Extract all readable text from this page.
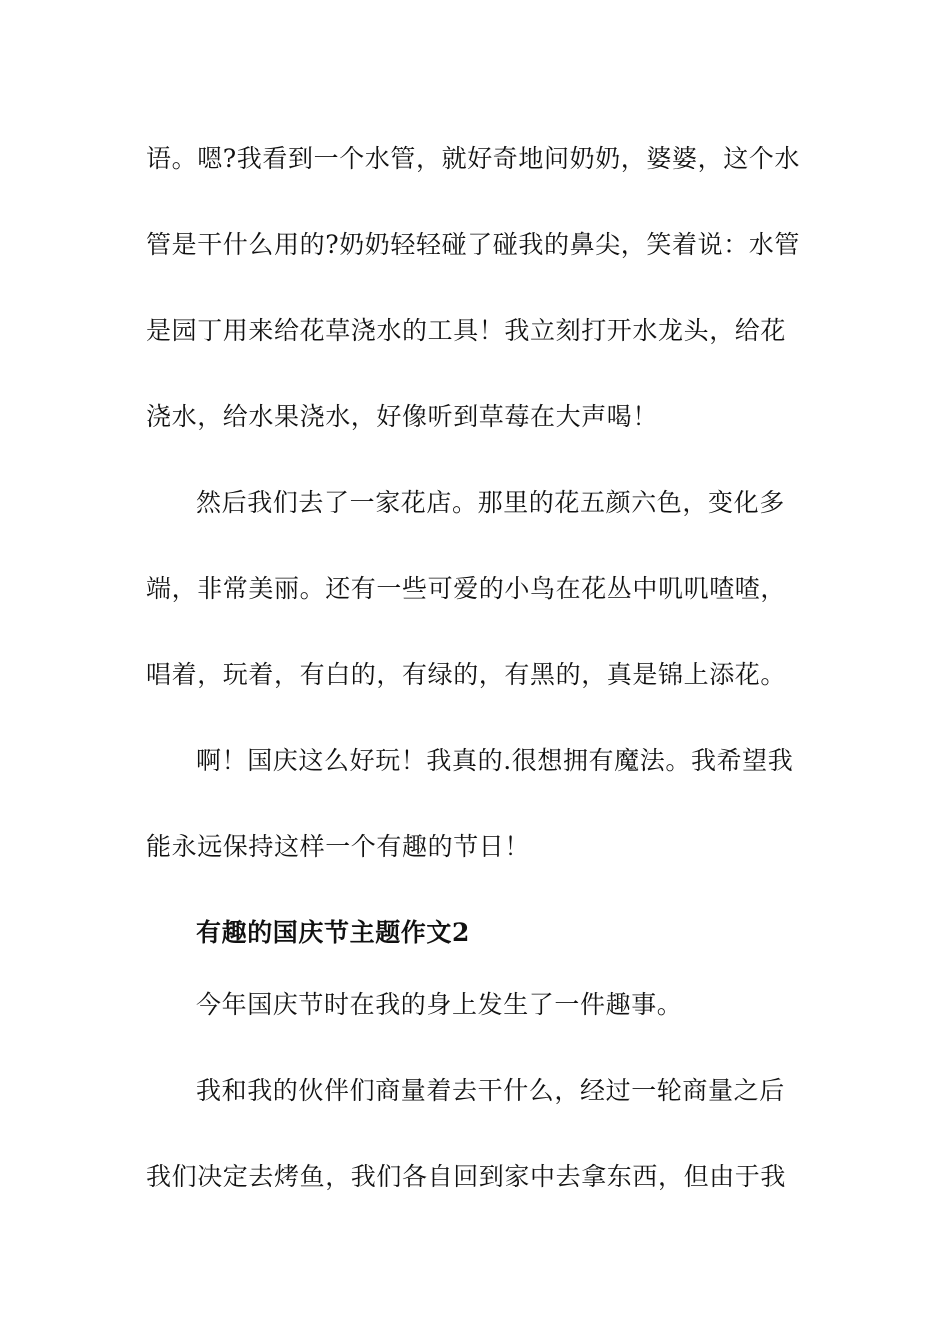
语。嗯?我看到一个水管，就好奇地问奶奶，婆婆，这个水
管是干什么用的?奶奶轻轻碰了碰我的鼻尖，笑着说：水管
是园丁用来给花草浇水的工具！我立刻打开水龙头，给花
浇水，给水果浇水，好像听到草莓在大声喝！
然后我们去了一家花店。那里的花五颜六色，变化多
端，非常美丽。还有一些可爱的小鸟在花丛中叽叽喳喳，
唱着，玩着，有白的，有绿的，有黑的，真是锦上添花。
啊！国庆这么好玩！我真的.很想拥有魔法。我希望我
能永远保持这样一个有趣的节日！
有趣的国庆节主题作文2
今年国庆节时在我的身上发生了一件趣事。
我和我的伙伴们商量着去干什么，经过一轮商量之后
我们决定去烤鱼，我们各自回到家中去拿东西，但由于我
